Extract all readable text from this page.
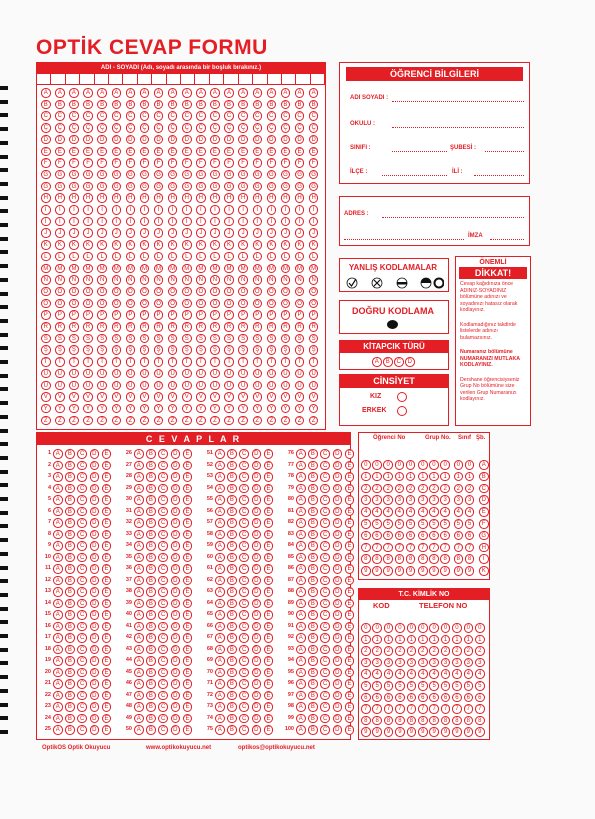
OPTİK CEVAP FORMU
ADI - SOYADI (Adı, soyadı arasında bir boşluk bırakınız.)
A	A	A	A	A	A	A	A	A	A	A	A	A	A	A	A	A	A	A	A
B	B	B	B	B	B	B	B	B	B	B	B	B	B	B	B	B	B	B	B
C	C	C	C	C	C	C	C	C	C	C	C	C	C	C	C	C	C	C	C
Ç	Ç	Ç	Ç	Ç	Ç	Ç	Ç	Ç	Ç	Ç	Ç	Ç	Ç	Ç	Ç	Ç	Ç	Ç	Ç
D	D	D	D	D	D	D	D	D	D	D	D	D	D	D	D	D	D	D	D
E	E	E	E	E	E	E	E	E	E	E	E	E	E	E	E	E	E	E	E
F	F	F	F	F	F	F	F	F	F	F	F	F	F	F	F	F	F	F	F
G	G	G	G	G	G	G	G	G	G	G	G	G	G	G	G	G	G	G	G
Ğ	Ğ	Ğ	Ğ	Ğ	Ğ	Ğ	Ğ	Ğ	Ğ	Ğ	Ğ	Ğ	Ğ	Ğ	Ğ	Ğ	Ğ	Ğ	Ğ
H	H	H	H	H	H	H	H	H	H	H	H	H	H	H	H	H	H	H	H
I	I	I	I	I	I	I	I	I	I	I	I	I	I	I	I	I	I	I	I
İ	İ	İ	İ	İ	İ	İ	İ	İ	İ	İ	İ	İ	İ	İ	İ	İ	İ	İ	İ
J	J	J	J	J	J	J	J	J	J	J	J	J	J	J	J	J	J	J	J
K	K	K	K	K	K	K	K	K	K	K	K	K	K	K	K	K	K	K	K
L	L	L	L	L	L	L	L	L	L	L	L	L	L	L	L	L	L	L	L
M	M	M	M	M	M	M	M	M	M	M	M	M	M	M	M	M	M	M	M
N	N	N	N	N	N	N	N	N	N	N	N	N	N	N	N	N	N	N	N
O	O	O	O	O	O	O	O	O	O	O	O	O	O	O	O	O	O	O	O
Ö	Ö	Ö	Ö	Ö	Ö	Ö	Ö	Ö	Ö	Ö	Ö	Ö	Ö	Ö	Ö	Ö	Ö	Ö	Ö
P	P	P	P	P	P	P	P	P	P	P	P	P	P	P	P	P	P	P	P
R	R	R	R	R	R	R	R	R	R	R	R	R	R	R	R	R	R	R	R
S	S	S	S	S	S	S	S	S	S	S	S	S	S	S	S	S	S	S	S
Ş	Ş	Ş	Ş	Ş	Ş	Ş	Ş	Ş	Ş	Ş	Ş	Ş	Ş	Ş	Ş	Ş	Ş	Ş	Ş
T	T	T	T	T	T	T	T	T	T	T	T	T	T	T	T	T	T	T	T
U	U	U	U	U	U	U	U	U	U	U	U	U	U	U	U	U	U	U	U
Ü	Ü	Ü	Ü	Ü	Ü	Ü	Ü	Ü	Ü	Ü	Ü	Ü	Ü	Ü	Ü	Ü	Ü	Ü	Ü
V	V	V	V	V	V	V	V	V	V	V	V	V	V	V	V	V	V	V	V
Y	Y	Y	Y	Y	Y	Y	Y	Y	Y	Y	Y	Y	Y	Y	Y	Y	Y	Y	Y
Z	Z	Z	Z	Z	Z	Z	Z	Z	Z	Z	Z	Z	Z	Z	Z	Z	Z	Z	Z
ÖĞRENCİ BİLGİLERİ
ADI SOYADI :
OKULU :
SINIFI :	ŞUBESİ :
İLÇE :	İLİ :
ADRES :
İMZA
YANLIŞ KODLAMALAR
DOĞRU KODLAMA
KİTAPCIK TÜRÜ
A	B	C	D
CİNSİYET
KIZ
ERKEK
ÖNEMLİ
DİKKAT!
Cevap kağıdınıza önce ADINIZ-SOYADINIZ bölümüne adınızı ve soyadınızı hatasız olarak kodlayınız.
Kodlamadığınız takdirde listelerde adınızı bulamazsınız.
Numaranız bölümüne NUMARANIZI MUTLAKA KODLAYINIZ.
Dershane öğrencisiyseniz Grup No bölümüne size verilen Grup Numaranızı kodlayınız.
C E V A P L A R
1 A	B	C	D	E
2 A	B	C	D	E
3 A	B	C	D	E
4 A	B	C	D	E
5 A	B	C	D	E
6 A	B	C	D	E
7 A	B	C	D	E
8 A	B	C	D	E
9 A	B	C	D	E
10 A	B	C	D	E
11 A	B	C	D	E
12 A	B	C	D	E
13 A	B	C	D	E
14 A	B	C	D	E
15 A	B	C	D	E
16 A	B	C	D	E
17 A	B	C	D	E
18 A	B	C	D	E
19 A	B	C	D	E
20 A	B	C	D	E
21 A	B	C	D	E
22 A	B	C	D	E
23 A	B	C	D	E
24 A	B	C	D	E
25 A	B	C	D	E
26 A	B	C	D	E
27 A	B	C	D	E
28 A	B	C	D	E
29 A	B	C	D	E
30 A	B	C	D	E
31 A	B	C	D	E
32 A	B	C	D	E
33 A	B	C	D	E
34 A	B	C	D	E
35 A	B	C	D	E
36 A	B	C	D	E
37 A	B	C	D	E
38 A	B	C	D	E
39 A	B	C	D	E
40 A	B	C	D	E
41 A	B	C	D	E
42 A	B	C	D	E
43 A	B	C	D	E
44 A	B	C	D	E
45 A	B	C	D	E
46 A	B	C	D	E
47 A	B	C	D	E
48 A	B	C	D	E
49 A	B	C	D	E
50 A	B	C	D	E
51 A	B	C	D	E
52 A	B	C	D	E
53 A	B	C	D	E
54 A	B	C	D	E
55 A	B	C	D	E
56 A	B	C	D	E
57 A	B	C	D	E
58 A	B	C	D	E
59 A	B	C	D	E
60 A	B	C	D	E
61 A	B	C	D	E
62 A	B	C	D	E
63 A	B	C	D	E
64 A	B	C	D	E
65 A	B	C	D	E
66 A	B	C	D	E
67 A	B	C	D	E
68 A	B	C	D	E
69 A	B	C	D	E
70 A	B	C	D	E
71 A	B	C	D	E
72 A	B	C	D	E
73 A	B	C	D	E
74 A	B	C	D	E
75 A	B	C	D	E
76 A	B	C	D	E
77 A	B	C	D	E
78 A	B	C	D	E
79 A	B	C	D	E
80 A	B	C	D	E
81 A	B	C	D	E
82 A	B	C	D	E
83 A	B	C	D	E
84 A	B	C	D	E
85 A	B	C	D	E
86 A	B	C	D	E
87 A	B	C	D	E
88 A	B	C	D	E
89 A	B	C	D	E
90 A	B	C	D	E
91 A	B	C	D	E
92 A	B	C	D	E
93 A	B	C	D	E
94 A	B	C	D	E
95 A	B	C	D	E
96 A	B	C	D	E
97 A	B	C	D	E
98 A	B	C	D	E
99 A	B	C	D	E
100 A	B	C	D	E
Öğrenci No	Grup No. Sınıf Şb.
0	0	0	0	0	0	0	0	0	0	A
1	1	1	1	1	1	1	1	1	1	B
2	2	2	2	2	2	2	2	2	2	C
3	3	3	3	3	3	3	3	3	3	D
4	4	4	4	4	4	4	4	4	4	E
5	5	5	5	5	5	5	5	5	5	F
6	6	6	6	6	6	6	6	6	6	G
7	7	7	7	7	7	7	7	7	7	H
8	8	8	8	8	8	8	8	8	8	I
9	9	9	9	9	9	9	9	9	9	K
T.C. KİMLİK NO
KOD	TELEFON NO
0	0	0	0	0	0	0	0	0	0	0
1	1	1	1	1	1	1	1	1	1	1
2	2	2	2	2	2	2	2	2	2	2
3	3	3	3	3	3	3	3	3	3	3
4	4	4	4	4	4	4	4	4	4	4
5	5	5	5	5	5	5	5	5	5	5
6	6	6	6	6	6	6	6	6	6	6
7	7	7	7	7	7	7	7	7	7	7
8	8	8	8	8	8	8	8	8	8	8
9	9	9	9	9	9	9	9	9	9	9
OptikOS Optik Okuyucu	www.optikokuyucu.net	optikos@optikokuyucu.net
